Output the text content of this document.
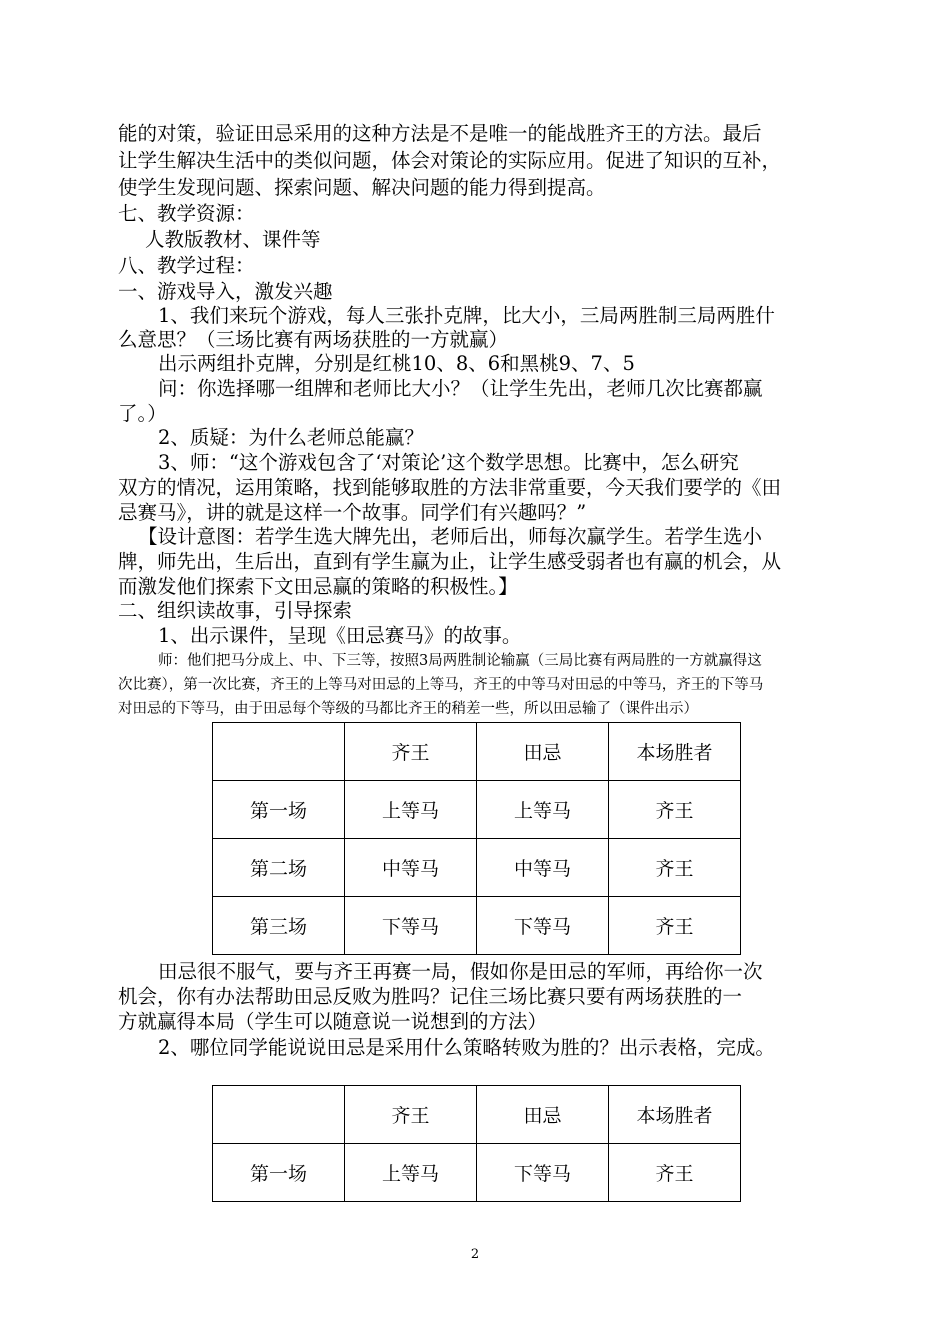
能的对策，验证田忌采用的这种方法是不是唯一的能战胜齐王的方法。最后
让学生解决生活中的类似问题，体会对策论的实际应用。促进了知识的互补，
使学生发现问题、探索问题、解决问题的能力得到提高。
七、教学资源：
人教版教材、课件等
八、教学过程：
一、游戏导入，激发兴趣
1、我们来玩个游戏，每人三张扑克牌，比大小，三局两胜制三局两胜什
么意思？（三场比赛有两场获胜的一方就赢）
出示两组扑克牌，分别是红桃10、8、6和黑桃9、7、5
问：你选择哪一组牌和老师比大小？（让学生先出，老师几次比赛都赢
了。）
2、质疑：为什么老师总能赢？
3、师：“这个游戏包含了‘对策论’这个数学思想。比赛中，怎么研究
双方的情况，运用策略，找到能够取胜的方法非常重要，今天我们要学的《田
忌赛马》，讲的就是这样一个故事。同学们有兴趣吗？”
【设计意图：若学生选大牌先出，老师后出，师每次赢学生。若学生选小
牌，师先出，生后出，直到有学生赢为止，让学生感受弱者也有赢的机会，从
而激发他们探索下文田忌赢的策略的积极性。】
二、组织读故事，引导探索
1、出示课件，呈现《田忌赛马》的故事。
师：他们把马分成上、中、下三等，按照3局两胜制论输赢（三局比赛有两局胜的一方就赢得这
次比赛），第一次比赛，齐王的上等马对田忌的上等马，齐王的中等马对田忌的中等马，齐王的下等马
对田忌的下等马，由于田忌每个等级的马都比齐王的稍差一些，所以田忌输了（课件出示）
	齐王	田忌	本场胜者
第一场	上等马	上等马	齐王
第二场	中等马	中等马	齐王
第三场	下等马	下等马	齐王
田忌很不服气，要与齐王再赛一局，假如你是田忌的军师，再给你一次
机会，你有办法帮助田忌反败为胜吗？记住三场比赛只要有两场获胜的一
方就赢得本局（学生可以随意说一说想到的方法）
2、哪位同学能说说田忌是采用什么策略转败为胜的？出示表格，完成。
	齐王	田忌	本场胜者
第一场	上等马	下等马	齐王
2
